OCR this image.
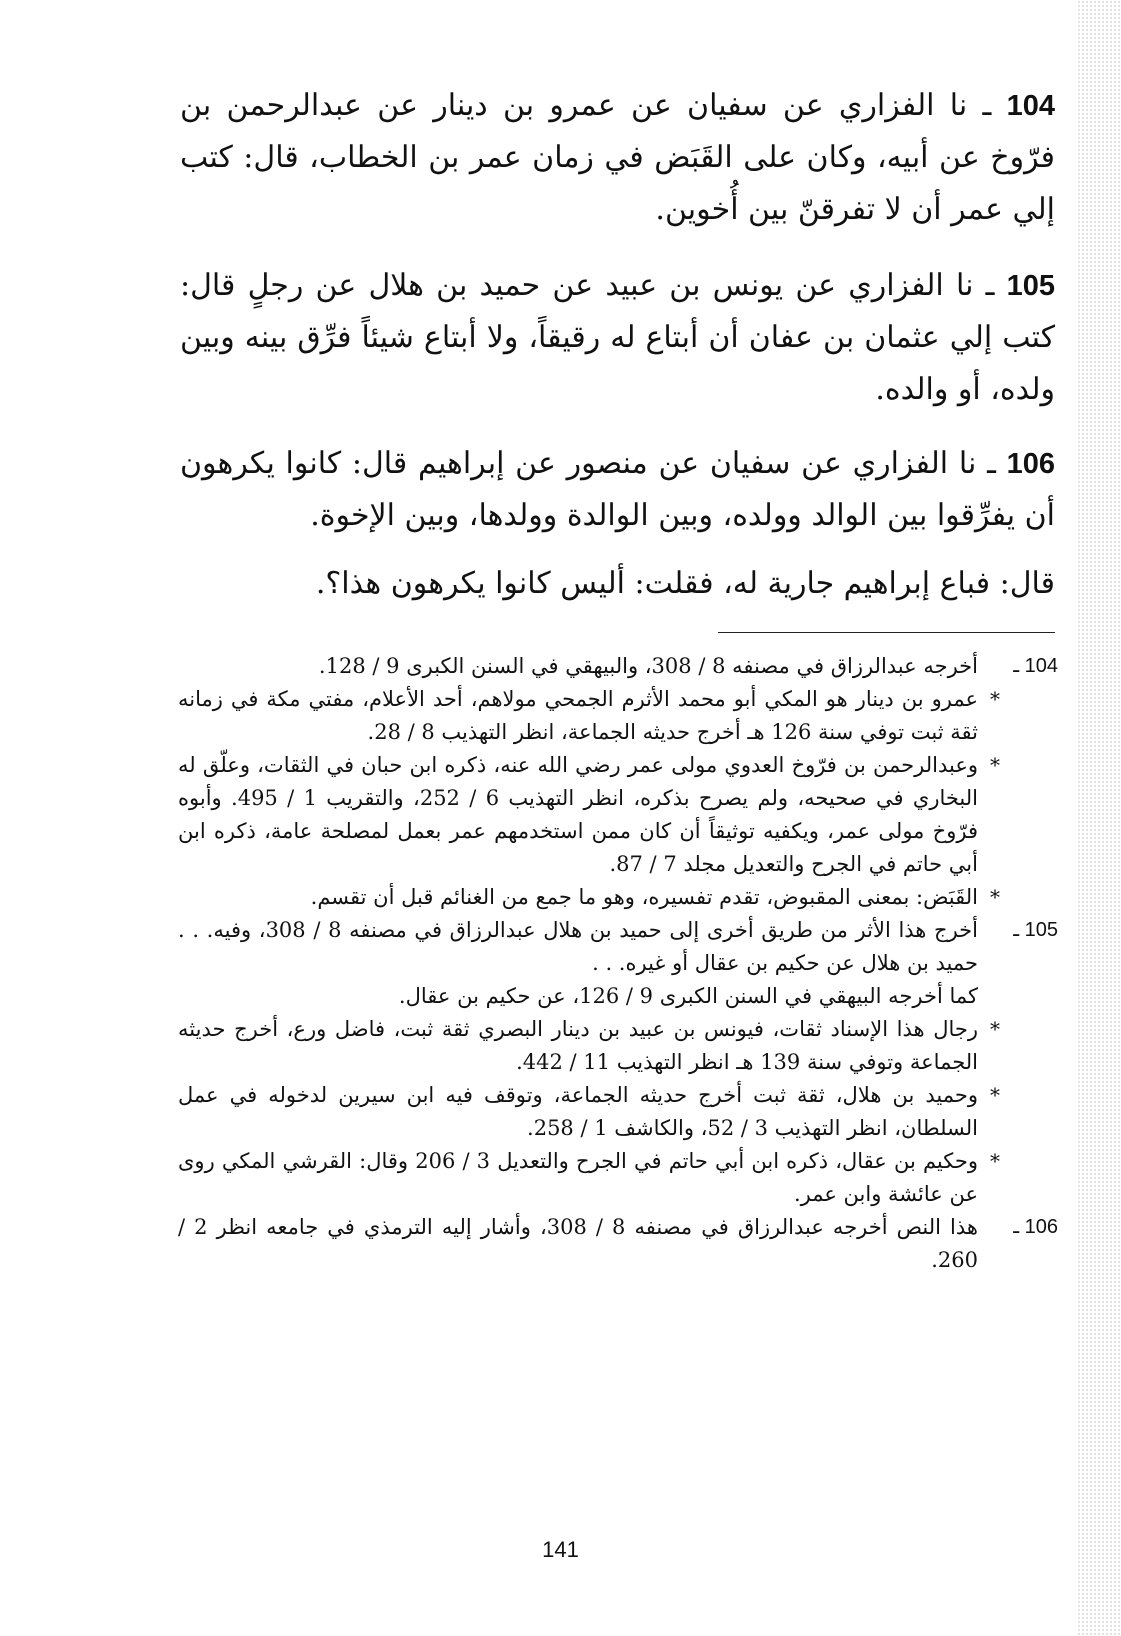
104 ـ نا الفزاري عن سفيان عن عمرو بن دينار عن عبدالرحمن بن فرّوخ عن أبيه، وكان على القَبَض في زمان عمر بن الخطاب، قال: كتب إلي عمر أن لا تفرقنّ بين أُخوين.

105 ـ نا الفزاري عن يونس بن عبيد عن حميد بن هلال عن رجلٍ قال: كتب إلي عثمان بن عفان أن أبتاع له رقيقاً، ولا أبتاع شيئاً فرِّق بينه وبين ولده، أو والده.

106 ـ نا الفزاري عن سفيان عن منصور عن إبراهيم قال: كانوا يكرهون أن يفرِّقوا بين الوالد وولده، وبين الوالدة وولدها، وبين الإخوة.

قال: فباع إبراهيم جارية له، فقلت: أليس كانوا يكرهون هذا؟.

104 ـ
أخرجه عبدالرزاق في مصنفه 8 / 308، والبيهقي في السنن الكبرى 9 / 128.

*
عمرو بن دينار هو المكي أبو محمد الأثرم الجمحي مولاهم، أحد الأعلام، مفتي مكة في زمانه ثقة ثبت توفي سنة 126 هـ أخرج حديثه الجماعة، انظر التهذيب 8 / 28.

*
وعبدالرحمن بن فرّوخ العدوي مولى عمر رضي الله عنه، ذكره ابن حبان في الثقات، وعلّق له البخاري في صحيحه، ولم يصرح بذكره، انظر التهذيب 6 / 252، والتقريب 1 / 495. وأبوه فرّوخ مولى عمر، ويكفيه توثيقاً أن كان ممن استخدمهم عمر بعمل لمصلحة عامة، ذكره ابن أبي حاتم في الجرح والتعديل مجلد 7 / 87.

*
القَبَض: بمعنى المقبوض، تقدم تفسيره، وهو ما جمع من الغنائم قبل أن تقسم.

105 ـ
أخرج هذا الأثر من طريق أخرى إلى حميد بن هلال عبدالرزاق في مصنفه 8 / 308، وفيه. . . حميد بن هلال عن حكيم بن عقال أو غيره. . .

كما أخرجه البيهقي في السنن الكبرى 9 / 126، عن حكيم بن عقال.

*
رجال هذا الإسناد ثقات، فيونس بن عبيد بن دينار البصري ثقة ثبت، فاضل ورع، أخرج حديثه الجماعة وتوفي سنة 139 هـ انظر التهذيب 11 / 442.

*
وحميد بن هلال، ثقة ثبت أخرج حديثه الجماعة، وتوقف فيه ابن سيرين لدخوله في عمل السلطان، انظر التهذيب 3 / 52، والكاشف 1 / 258.

*
وحكيم بن عقال، ذكره ابن أبي حاتم في الجرح والتعديل 3 / 206 وقال: القرشي المكي روى عن عائشة وابن عمر.

106 ـ
هذا النص أخرجه عبدالرزاق في مصنفه 8 / 308، وأشار إليه الترمذي في جامعه انظر 2 / 260.

141
